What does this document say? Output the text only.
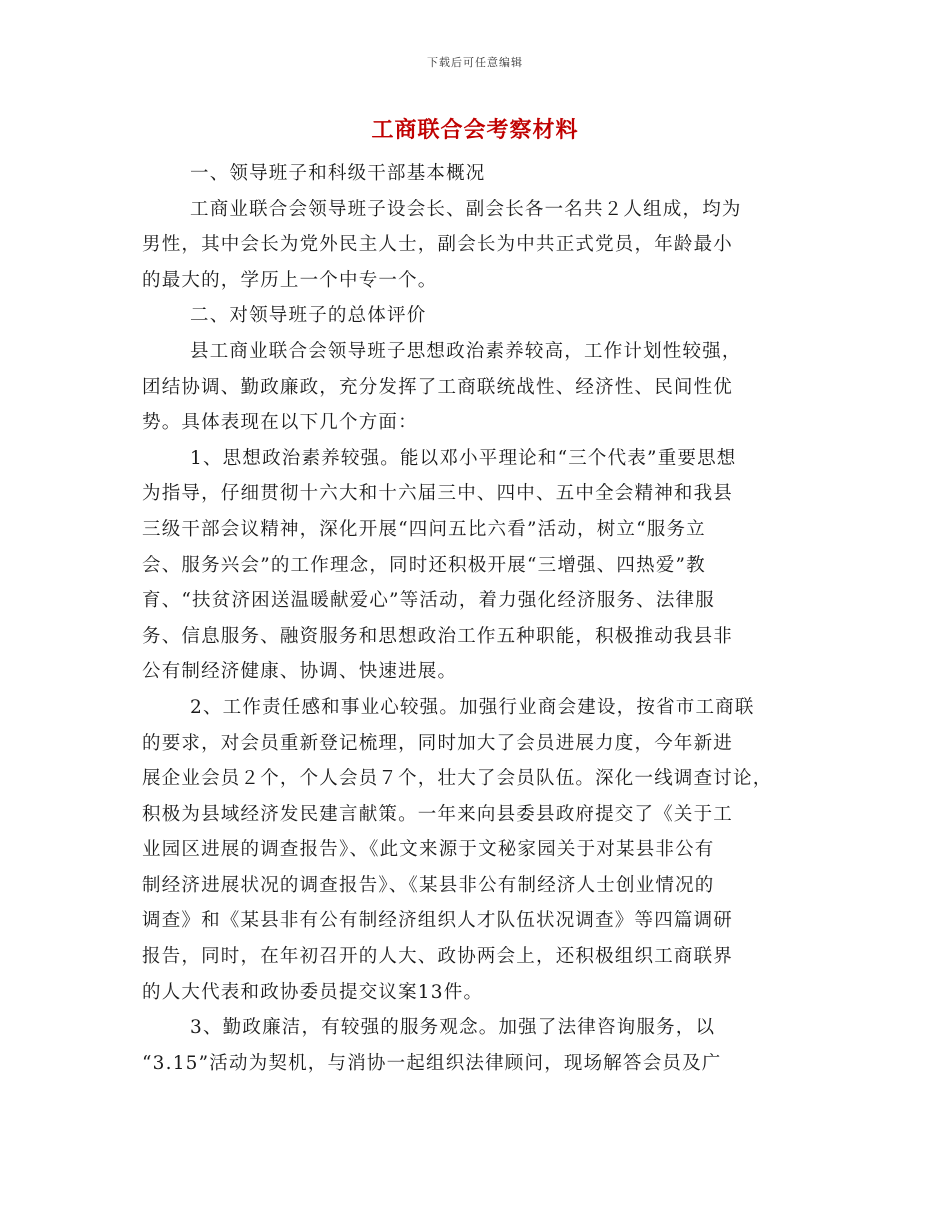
下载后可任意编辑
工商联合会考察材料
一、领导班子和科级干部基本概况
工商业联合会领导班子设会长、副会长各一名共２人组成，均为
男性，其中会长为党外民主人士，副会长为中共正式党员，年龄最小
的最大的，学历上一个中专一个。
二、对领导班子的总体评价
县工商业联合会领导班子思想政治素养较高，工作计划性较强，
团结协调、勤政廉政，充分发挥了工商联统战性、经济性、民间性优
势。具体表现在以下几个方面：
1、思想政治素养较强。能以邓小平理论和“三个代表”重要思想
为指导，仔细贯彻十六大和十六届三中、四中、五中全会精神和我县
三级干部会议精神，深化开展“四问五比六看”活动，树立“服务立
会、服务兴会”的工作理念，同时还积极开展“三增强、四热爱”教
育、“扶贫济困送温暖献爱心”等活动，着力强化经济服务、法律服
务、信息服务、融资服务和思想政治工作五种职能，积极推动我县非
公有制经济健康、协调、快速进展。
2、工作责任感和事业心较强。加强行业商会建设，按省市工商联
的要求，对会员重新登记梳理，同时加大了会员进展力度，今年新进
展企业会员２个，个人会员７个，壮大了会员队伍。深化一线调查讨论，
积极为县域经济发民建言献策。一年来向县委县政府提交了《关于工
业园区进展的调查报告》、《此文来源于文秘家园关于对某县非公有
制经济进展状况的调查报告》、《某县非公有制经济人士创业情况的
调查》和《某县非有公有制经济组织人才队伍状况调查》等四篇调研
报告，同时，在年初召开的人大、政协两会上，还积极组织工商联界
的人大代表和政协委员提交议案13件。
3、勤政廉洁，有较强的服务观念。加强了法律咨询服务，以
“3.15”活动为契机，与消协一起组织法律顾问，现场解答会员及广
